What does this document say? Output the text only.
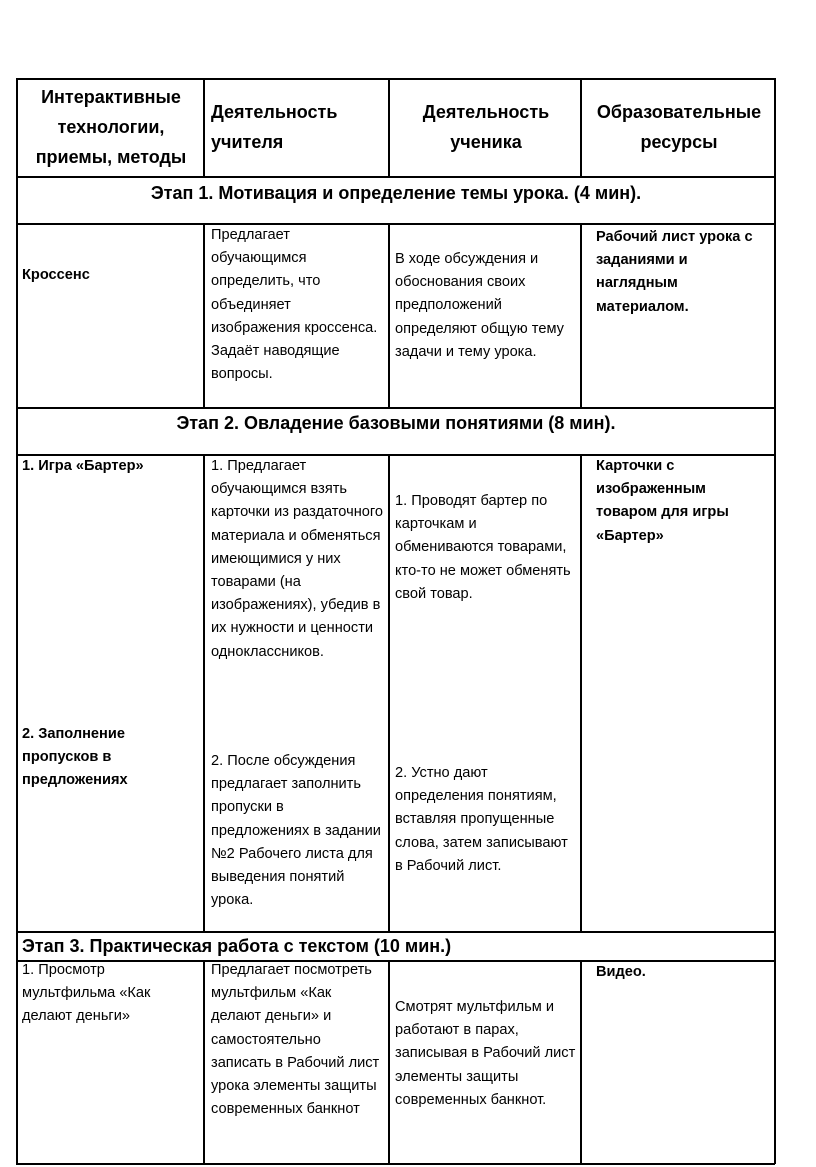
Интерактивные технологии, приемы, методы
Деятельность учителя
Деятельность ученика
Образовательные ресурсы
Этап 1. Мотивация и определение темы урока. (4 мин).
Кроссенс
Предлагает обучающимся определить, что объединяет изображения кроссенса. Задаёт наводящие вопросы.
В ходе обсуждения и обоснования своих предположений определяют общую тему задачи и тему урока.
Рабочий лист урока с заданиями и наглядным материалом.
Этап 2. Овладение базовыми понятиями (8 мин).
1. Игра «Бартер»
2. Заполнение пропусков в предложениях
1. Предлагает обучающимся взять карточки из раздаточного материала и обменяться имеющимися у них товарами (на изображениях), убедив в их нужности и ценности одноклассников.
2. После обсуждения предлагает заполнить пропуски в предложениях в задании №2 Рабочего листа для выведения понятий урока.
1. Проводят бартер по карточкам и обмениваются товарами, кто-то не может обменять свой товар.
2. Устно дают определения понятиям, вставляя пропущенные слова, затем записывают в Рабочий лист.
Карточки с изображенным товаром для игры «Бартер»
Этап 3. Практическая работа с текстом (10 мин.)
1. Просмотр мультфильма «Как делают деньги»
Предлагает посмотреть мультфильм «Как делают деньги» и самостоятельно записать в Рабочий лист урока элементы защиты современных банкнот
Смотрят мультфильм и работают в парах, записывая в Рабочий лист элементы защиты современных банкнот.
Видео.
